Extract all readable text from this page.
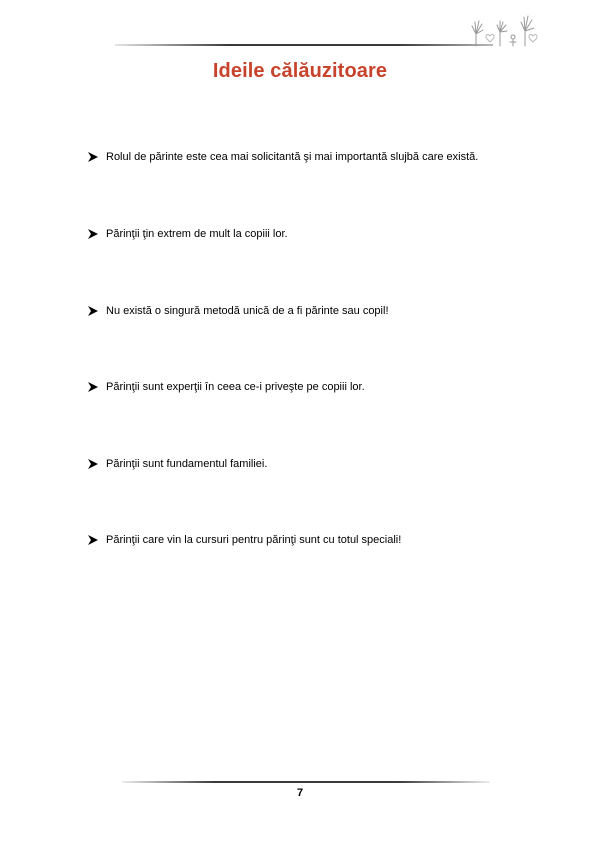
Ideile călăuzitoare
Rolul de părinte este cea mai solicitantă şi mai importantă slujbă care există.
Părinţii ţin extrem de mult la copiii lor.
Nu există o singură metodă unică de a fi părinte sau copil!
Părinţii sunt experţii în ceea ce-i priveşte pe copiii lor.
Părinţii sunt fundamentul familiei.
Părinţii care vin la cursuri pentru părinţi sunt cu totul speciali!
7
